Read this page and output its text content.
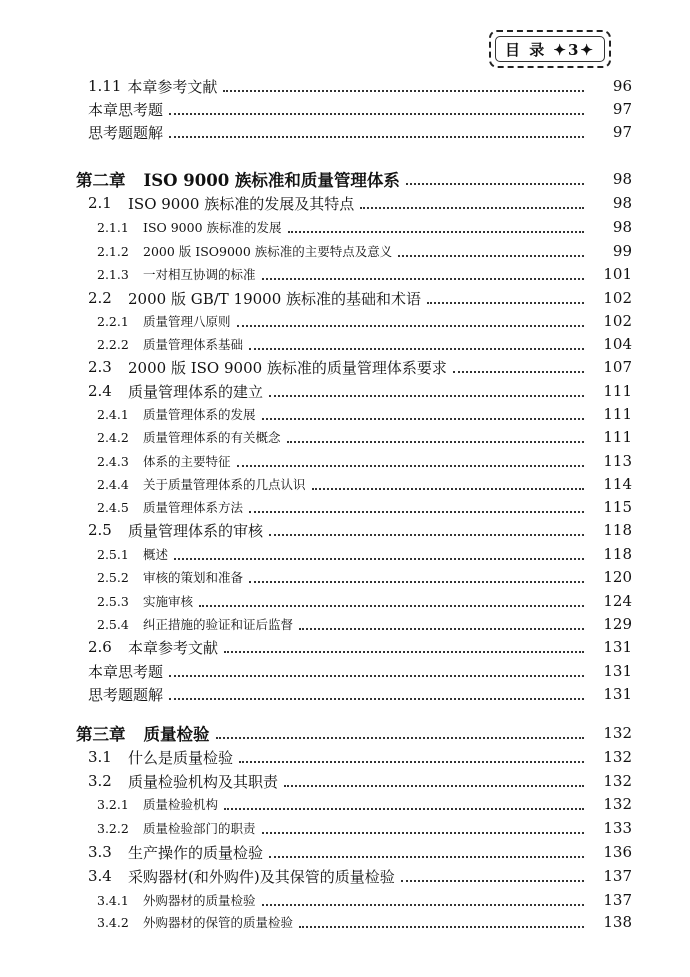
目 录 ✦3✦
1.11 本章参考文献	96
本章思考题	97
思考题题解	97
第二章 ISO 9000 族标准和质量管理体系	98
2.1	ISO 9000 族标准的发展及其特点	98
2.1.1	ISO 9000 族标准的发展	98
2.1.2	2000 版 ISO9000 族标准的主要特点及意义	99
2.1.3	一对相互协调的标准	101
2.2	2000 版 GB/T 19000 族标准的基础和术语	102
2.2.1	质量管理八原则	102
2.2.2	质量管理体系基础	104
2.3	2000 版 ISO 9000 族标准的质量管理体系要求	107
2.4	质量管理体系的建立	111
2.4.1	质量管理体系的发展	111
2.4.2	质量管理体系的有关概念	111
2.4.3	体系的主要特征	113
2.4.4	关于质量管理体系的几点认识	114
2.4.5	质量管理体系方法	115
2.5	质量管理体系的审核	118
2.5.1	概述	118
2.5.2	审核的策划和准备	120
2.5.3	实施审核	124
2.5.4	纠正措施的验证和证后监督	129
2.6	本章参考文献	131
本章思考题	131
思考题题解	131
第三章 质量检验	132
3.1	什么是质量检验	132
3.2	质量检验机构及其职责	132
3.2.1	质量检验机构	132
3.2.2	质量检验部门的职责	133
3.3	生产操作的质量检验	136
3.4	采购器材(和外购件)及其保管的质量检验	137
3.4.1	外购器材的质量检验	137
3.4.2	外购器材的保管的质量检验	138
